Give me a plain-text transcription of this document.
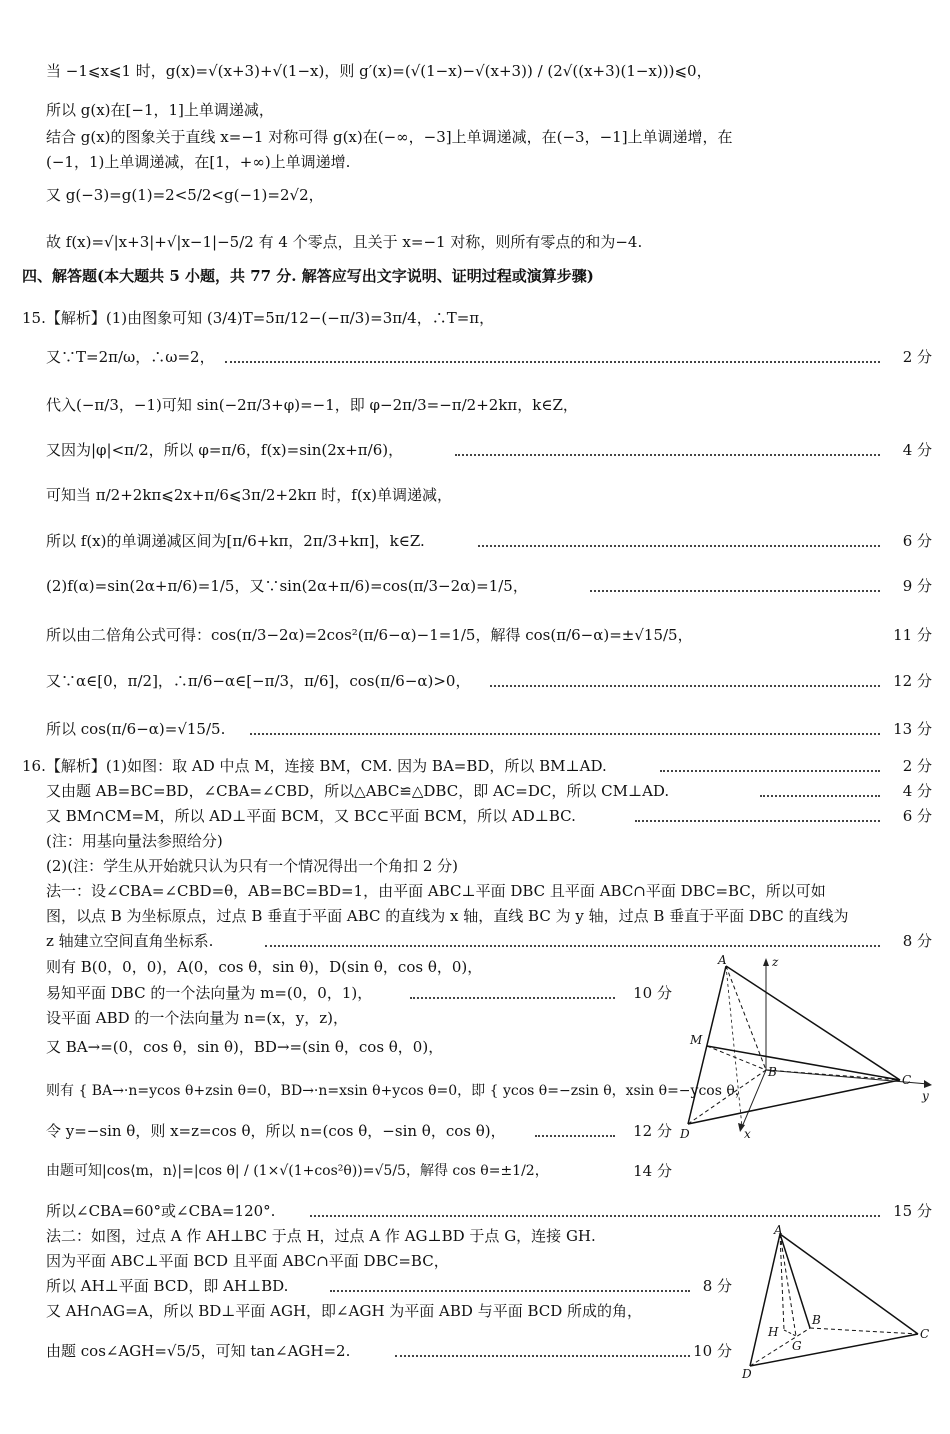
当 −1⩽x⩽1 时，g(x)=√(x+3)+√(1−x)，则 g′(x)=(√(1−x)−√(x+3)) / (2√((x+3)(1−x)))⩽0，
所以 g(x)在[−1，1]上单调递减，
结合 g(x)的图象关于直线 x=−1 对称可得 g(x)在(−∞，−3]上单调递减，在(−3，−1]上单调递增，在
(−1，1)上单调递减，在[1，+∞)上单调递增.
又 g(−3)=g(1)=2<5/2<g(−1)=2√2，
故 f(x)=√|x+3|+√|x−1|−5/2 有 4 个零点，且关于 x=−1 对称，则所有零点的和为−4.
四、解答题(本大题共 5 小题，共 77 分. 解答应写出文字说明、证明过程或演算步骤)
15.【解析】(1)由图象可知 (3/4)T=5π/12−(−π/3)=3π/4，∴T=π，
又∵T=2π/ω，∴ω=2，	2 分
代入(−π/3，−1)可知 sin(−2π/3+φ)=−1，即 φ−2π/3=−π/2+2kπ，k∈Z，
又因为|φ|<π/2，所以 φ=π/6，f(x)=sin(2x+π/6)，	4 分
可知当 π/2+2kπ⩽2x+π/6⩽3π/2+2kπ 时，f(x)单调递减，
所以 f(x)的单调递减区间为[π/6+kπ，2π/3+kπ]，k∈Z.	6 分
(2)f(α)=sin(2α+π/6)=1/5，又∵sin(2α+π/6)=cos(π/3−2α)=1/5，	9 分
所以由二倍角公式可得：cos(π/3−2α)=2cos²(π/6−α)−1=1/5，解得 cos(π/6−α)=±√15/5，	11 分
又∵α∈[0，π/2]，∴π/6−α∈[−π/3，π/6]，cos(π/6−α)>0，	12 分
所以 cos(π/6−α)=√15/5.	13 分
16.【解析】(1)如图：取 AD 中点 M，连接 BM，CM. 因为 BA=BD，所以 BM⊥AD.	2 分
又由题 AB=BC=BD，∠CBA=∠CBD，所以△ABC≌△DBC，即 AC=DC，所以 CM⊥AD.	4 分
又 BM∩CM=M，所以 AD⊥平面 BCM，又 BC⊂平面 BCM，所以 AD⊥BC.	6 分
(注：用基向量法参照给分)
(2)(注：学生从开始就只认为只有一个情况得出一个角扣 2 分)
法一：设∠CBA=∠CBD=θ，AB=BC=BD=1，由平面 ABC⊥平面 DBC 且平面 ABC∩平面 DBC=BC，所以可如
图，以点 B 为坐标原点，过点 B 垂直于平面 ABC 的直线为 x 轴，直线 BC 为 y 轴，过点 B 垂直于平面 DBC 的直线为
z 轴建立空间直角坐标系.	8 分
则有 B(0，0，0)，A(0，cos θ，sin θ)，D(sin θ，cos θ，0)，
易知平面 DBC 的一个法向量为 m=(0，0，1)，	10 分
设平面 ABD 的一个法向量为 n=(x，y，z)，
又 BA→=(0，cos θ，sin θ)，BD→=(sin θ，cos θ，0)，
则有 { BA→·n=ycos θ+zsin θ=0，BD→·n=xsin θ+ycos θ=0，即 { ycos θ=−zsin θ，xsin θ=−ycos θ，
令 y=−sin θ，则 x=z=cos θ，所以 n=(cos θ，−sin θ，cos θ)，	12 分
由题可知|cos⟨m，n⟩|=|cos θ| / (1×√(1+cos²θ))=√5/5，解得 cos θ=±1/2，	14 分
所以∠CBA=60°或∠CBA=120°.	15 分
法二：如图，过点 A 作 AH⊥BC 于点 H，过点 A 作 AG⊥BD 于点 G，连接 GH.
因为平面 ABC⊥平面 BCD 且平面 ABC∩平面 DBC=BC，
所以 AH⊥平面 BCD，即 AH⊥BD.	8 分
又 AH∩AG=A，所以 BD⊥平面 AGH，即∠AGH 为平面 ABD 与平面 BCD 所成的角，
由题 cos∠AGH=√5/5，可知 tan∠AGH=2.	10 分
A	z
M
B
C
y
D	x
A
B
C
H
G
D
